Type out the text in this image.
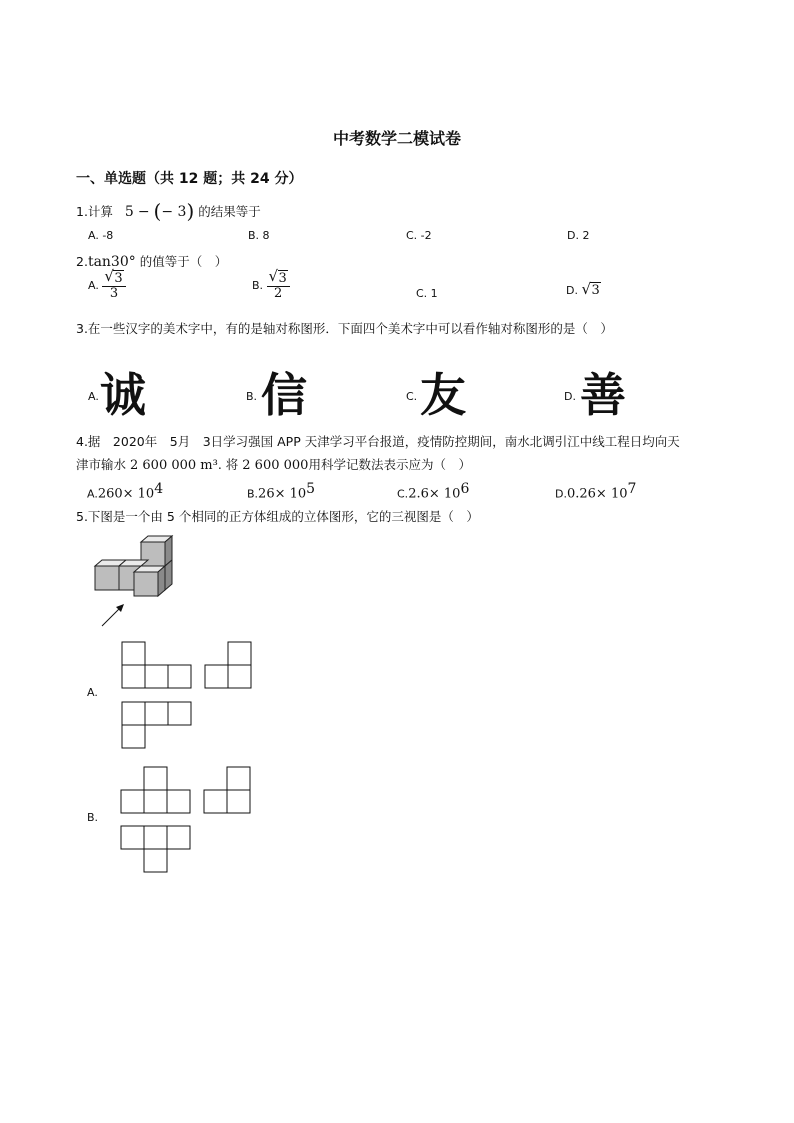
中考数学二模试卷
一、单选题（共 12 题；共 24 分）
1.计算 5 − (− 3) 的结果等于
A. -8	B. 8	C. -2	D. 2
2.tan30° 的值等于（　）
A. $\frac{√ 3}{3}$	B. $\frac{√ 3}{2}$	C. 1	D. √ 3
3.在一些汉字的美术字中，有的是轴对称图形．下面四个美术字中可以看作轴对称图形的是（　）
A. 诚	B. 信	C. 友	D. 善
4.据　2020年　5月　3日学习强国 APP 天津学习平台报道，疫情防控期间，南水北调引江中线工程日均向天
津市输水 2 600 000 m³. 将 2 600 000用科学记数法表示应为（　）
$A.260\times 10^4$	$B.26\times 10^5$	$C.2.6\times 10^6$	$D.0.26\times 10^7$
5.下图是一个由 5 个相同的正方体组成的立体图形，它的三视图是（　）
A.
B.
